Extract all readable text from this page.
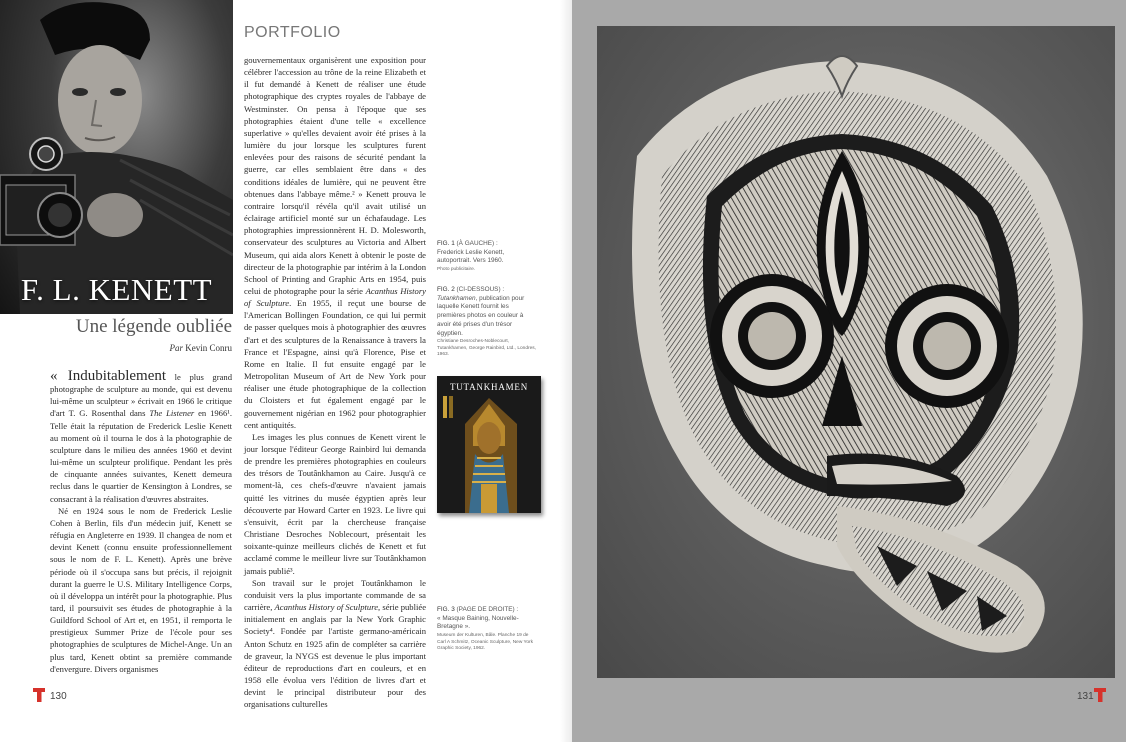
F. L. KENETT
Une légende oubliée
Par Kevin Conru
PORTFOLIO

« Indubitablement le plus grand photographe de sculpture au monde, qui est devenu lui-même un sculpteur » écrivait en 1966 le critique d'art T. G. Rosenthal dans The Listener en 1966¹. Telle était la réputation de Frederick Leslie Kenett au moment où il tourna le dos à la photographie de sculpture dans le milieu des années 1960 et devint lui-même un sculpteur prolifique. Pendant les près de cinquante années suivantes, Kenett demeura reclus dans le quartier de Kensington à Londres, se consacrant à la réalisation d'œuvres abstraites.

Né en 1924 sous le nom de Frederick Leslie Cohen à Berlin, fils d'un médecin juif, Kenett se réfugia en Angleterre en 1939. Il changea de nom et devint Kenett (connu ensuite professionnellement sous le nom de F. L. Kenett). Après une brève période où il s'occupa sans but précis, il rejoignit durant la guerre le U.S. Military Intelligence Corps, où il développa un intérêt pour la photographie. Plus tard, il poursuivit ses études de photographie à la Guildford School of Art et, en 1951, il remporta le prestigieux Summer Prize de l'école pour ses photographies de sculptures de Michel-Ange. Un an plus tard, Kenett obtint sa première commande d'envergure. Divers organismes

gouvernementaux organisèrent une exposition pour célébrer l'accession au trône de la reine Elizabeth et il fut demandé à Kenett de réaliser une étude photographique des cryptes royales de l'abbaye de Westminster. On pensa à l'époque que ses photographies étaient d'une telle « excellence superlative » qu'elles devaient avoir été prises à la lumière du jour lorsque les sculptures furent enlevées pour des raisons de sécurité pendant la guerre, car elles semblaient être dans « des conditions idéales de lumière, qui ne peuvent être obtenues dans l'abbaye même.² » Kenett prouva le contraire lorsqu'il révéla qu'il avait utilisé un éclairage artificiel monté sur un échafaudage. Les photographies impressionnèrent H. D. Molesworth, conservateur des sculptures au Victoria and Albert Museum, qui aida alors Kenett à obtenir le poste de directeur de la photographie par intérim à la London School of Printing and Graphic Arts en 1954, puis celui de photographe pour la série Acanthus History of Sculpture. En 1955, il reçut une bourse de l'American Bollingen Foundation, ce qui lui permit de passer quelques mois à photographier des œuvres d'art et des sculptures de la Renaissance à travers la France et l'Espagne, ainsi qu'à Florence, Pise et Rome en Italie. Il fut ensuite engagé par le Metropolitan Museum of Art de New York pour réaliser une étude photographique de la collection du Cloisters et fut également engagé par le gouvernement nigérian en 1962 pour photographier cent antiquités.

Les images les plus connues de Kenett virent le jour lorsque l'éditeur George Rainbird lui demanda de prendre les premières photographies en couleurs des trésors de Toutânkhamon au Caire. Jusqu'à ce moment-là, ces chefs-d'œuvre n'avaient jamais quitté les vitrines du musée égyptien après leur découverte par Howard Carter en 1923. Le livre qui s'ensuivit, écrit par la chercheuse française Christiane Desroches Noblecourt, présentait les soixante-quinze meilleurs clichés de Kenett et fut acclamé comme le meilleur livre sur Toutânkhamon jamais publié³.

Son travail sur le projet Toutânkhamon le conduisit vers la plus importante commande de sa carrière, Acanthus History of Sculpture, série publiée initialement en anglais par la New York Graphic Society⁴. Fondée par l'artiste germano-américain Anton Schutz en 1925 afin de compléter sa carrière de graveur, la NYGS est devenue le plus important éditeur de reproductions d'art en couleurs, et en 1958 elle évolua vers l'édition de livres d'art et devint le principal distributeur pour des organisations culturelles

FIG. 1 (À GAUCHE) :
Frederick Leslie Kenett, autoportrait. Vers 1960.
Photo publicitaire.
FIG. 2 (CI-DESSOUS) :
Tutankhamen, publication pour laquelle Kenett fournit les premières photos en couleur à avoir été prises d'un trésor égyptien.
Christiane Desroches-Noblecourt, Tutankhamen, George Rainbird, Ltd., Londres, 1963.
TUTANKHAMEN
FIG. 3 (PAGE DE DROITE) :
« Masque Baining, Nouvelle-Bretagne ».
Museum der Kulturen, Bâle. Planche 19 de Carl A Schmitz, Oceanic Sculpture, New York Graphic Society, 1962.
130	131
